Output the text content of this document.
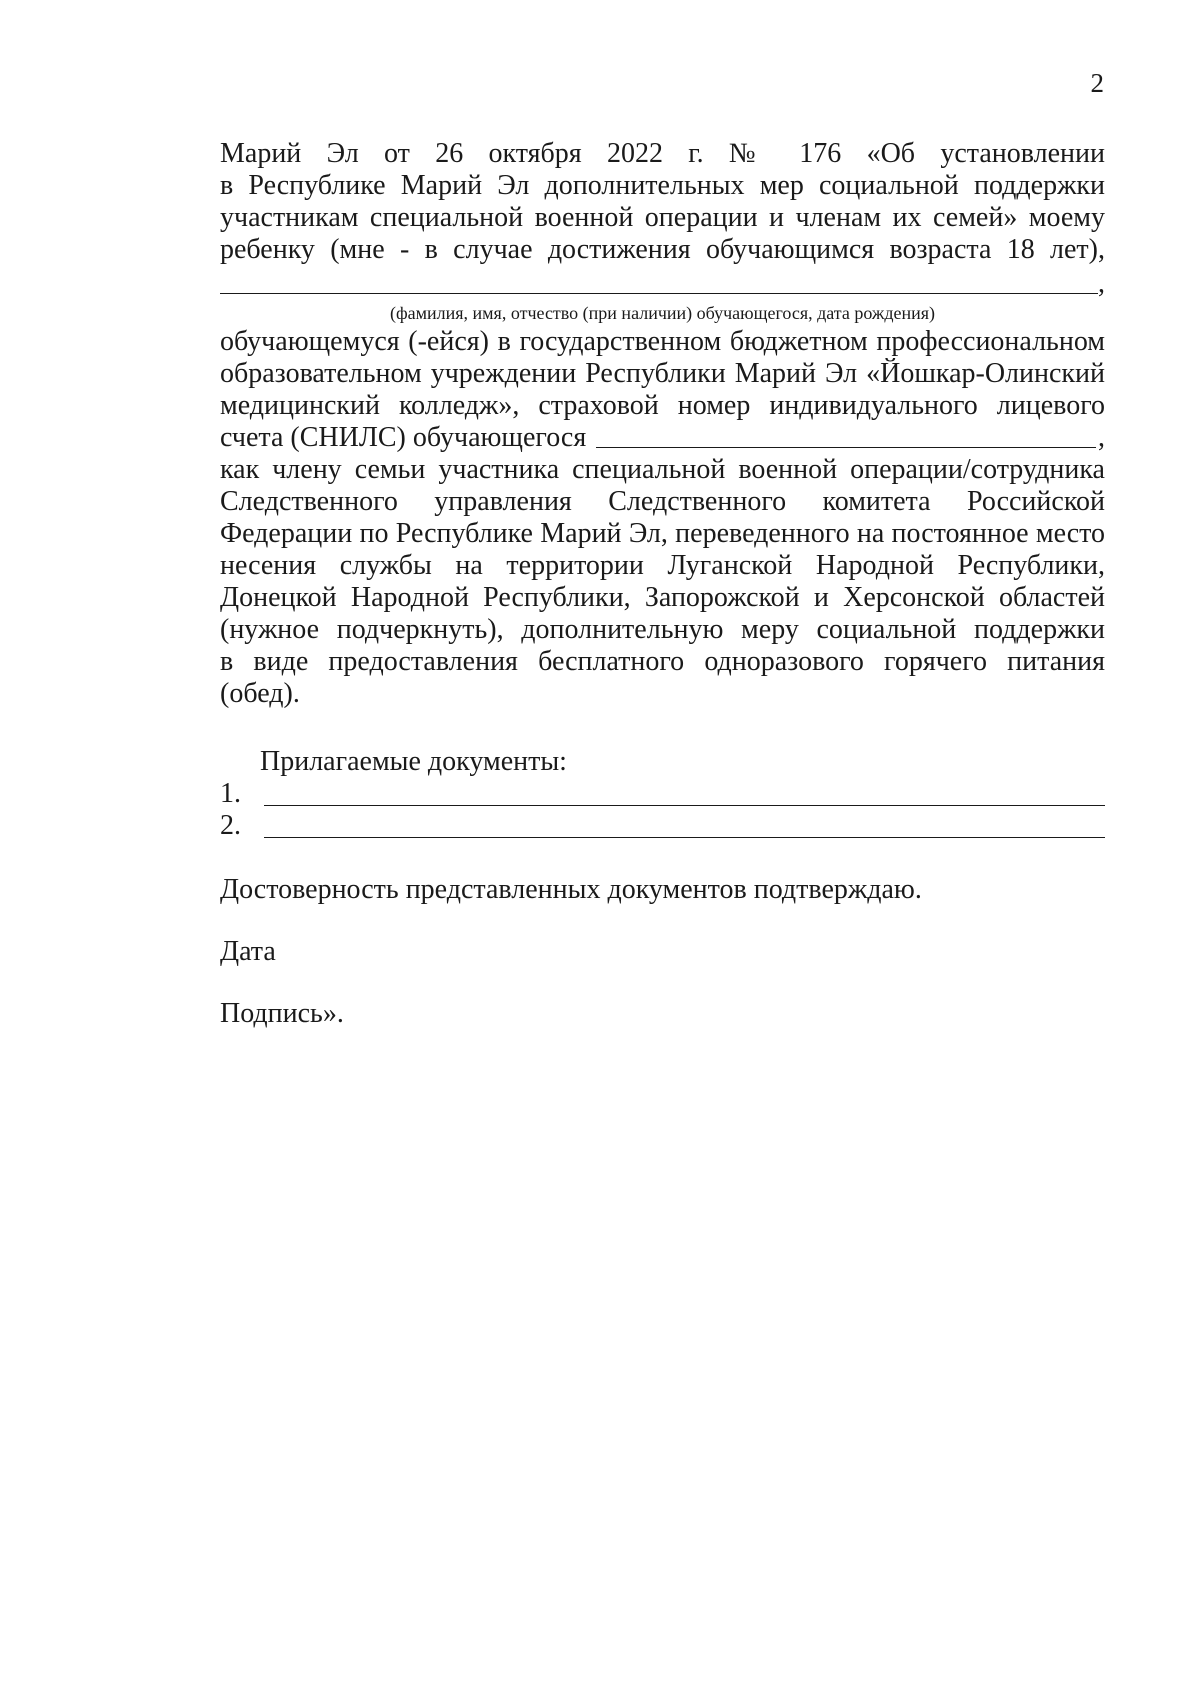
2
Марий Эл от 26 октября 2022 г. № 176 «Об установлении
в Республике Марий Эл дополнительных мер социальной поддержки
участникам специальной военной операции и членам их семей» моему
ребенку (мне - в случае достижения обучающимся возраста 18 лет),
,
(фамилия, имя, отчество (при наличии) обучающегося, дата рождения)
обучающемуся (-ейся) в государственном бюджетном профессиональном
образовательном учреждении Республики Марий Эл «Йошкар-Олинский
медицинский колледж», страховой номер индивидуального лицевого
счета (СНИЛС) обучающегося	,
как члену семьи участника специальной военной операции/сотрудника
Следственного управления Следственного комитета Российской
Федерации по Республике Марий Эл, переведенного на постоянное место
несения службы на территории Луганской Народной Республики,
Донецкой Народной Республики, Запорожской и Херсонской областей
(нужное подчеркнуть), дополнительную меру социальной поддержки
в виде предоставления бесплатного одноразового горячего питания
(обед).
Прилагаемые документы:
1.
2.
Достоверность представленных документов подтверждаю.
Дата
Подпись».
